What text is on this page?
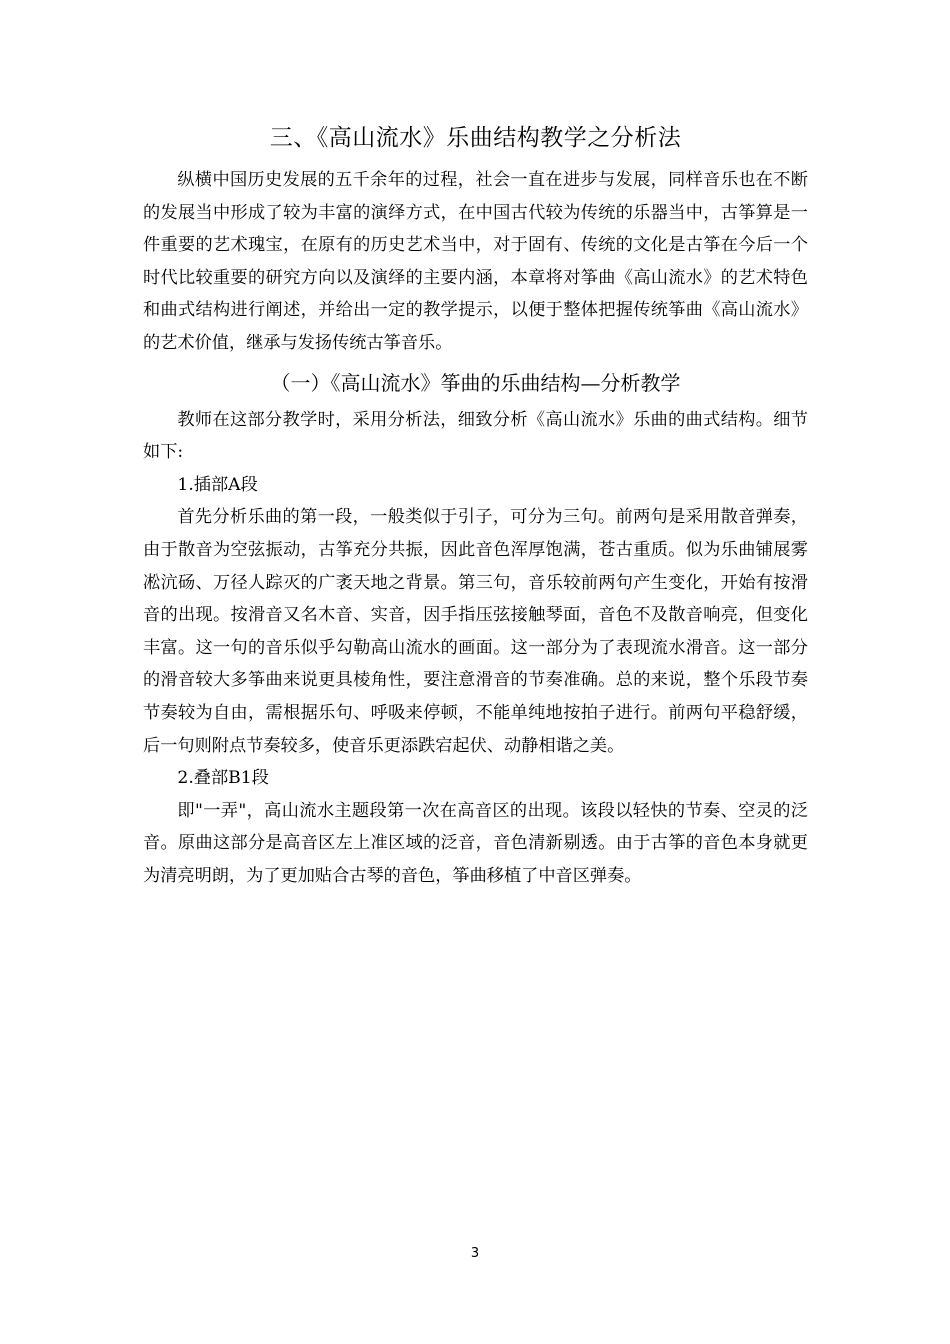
三、《高山流水》乐曲结构教学之分析法

纵横中国历史发展的五千余年的过程，社会一直在进步与发展，同样音乐也在不断的发展当中形成了较为丰富的演绎方式，在中国古代较为传统的乐器当中，古筝算是一件重要的艺术瑰宝，在原有的历史艺术当中，对于固有、传统的文化是古筝在今后一个时代比较重要的研究方向以及演绎的主要内涵，本章将对筝曲《高山流水》的艺术特色和曲式结构进行阐述，并给出一定的教学提示，以便于整体把握传统筝曲《高山流水》的艺术价值，继承与发扬传统古筝音乐。

（一）《高山流水》筝曲的乐曲结构—分析教学

教师在这部分教学时，采用分析法，细致分析《高山流水》乐曲的曲式结构。细节如下:

1.插部A段

首先分析乐曲的第一段，一般类似于引子，可分为三句。前两句是采用散音弹奏，由于散音为空弦振动，古筝充分共振，因此音色浑厚饱满，苍古重质。似为乐曲铺展雾凇沆砀、万径人踪灭的广袤天地之背景。第三句，音乐较前两句产生变化，开始有按滑音的出现。按滑音又名木音、实音，因手指压弦接触琴面，音色不及散音响亮，但变化丰富。这一句的音乐似乎勾勒高山流水的画面。这一部分为了表现流水滑音。这一部分的滑音较大多筝曲来说更具棱角性，要注意滑音的节奏准确。总的来说，整个乐段节奏节奏较为自由，需根据乐句、呼吸来停顿，不能单纯地按拍子进行。前两句平稳舒缓，后一句则附点节奏较多，使音乐更添跌宕起伏、动静相谐之美。

2.叠部B1段

即"一弄"，高山流水主题段第一次在高音区的出现。该段以轻快的节奏、空灵的泛音。原曲这部分是高音区左上准区域的泛音，音色清新剔透。由于古筝的音色本身就更为清亮明朗，为了更加贴合古琴的音色，筝曲移植了中音区弹奏。

3
